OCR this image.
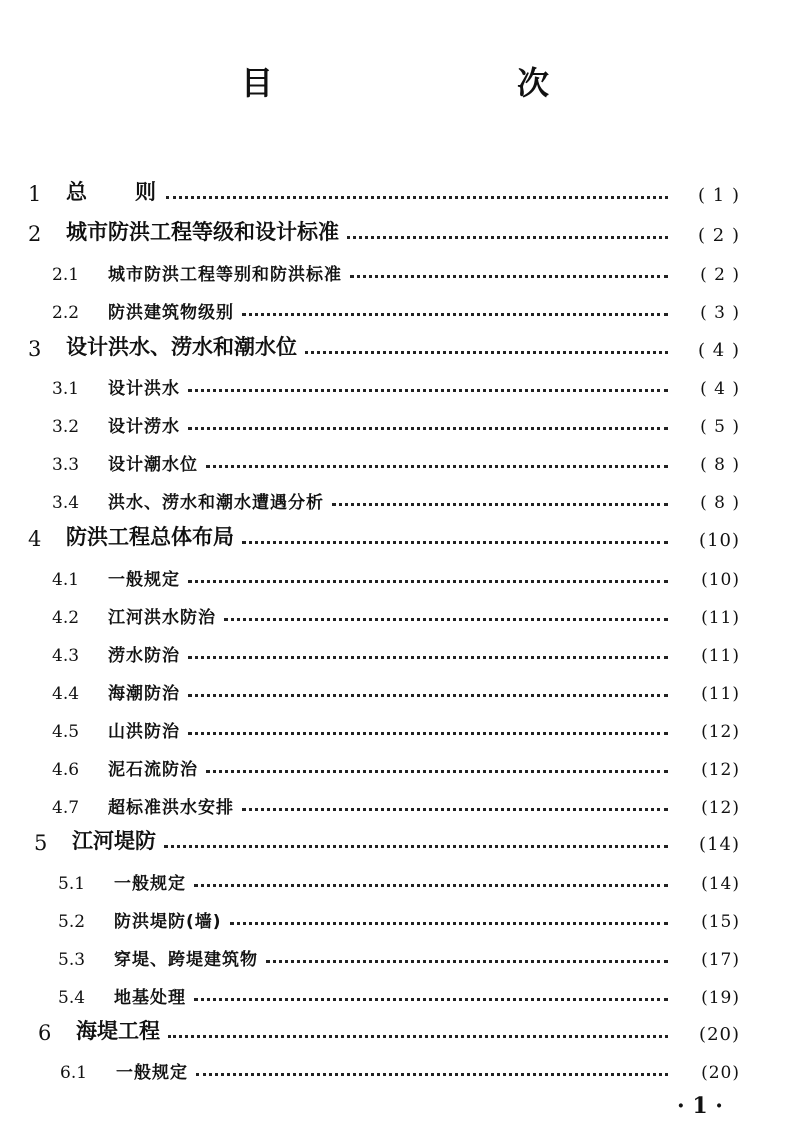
目　　次
1	总　　则	( 1 )
2	城市防洪工程等级和设计标准	( 2 )
2.1	城市防洪工程等别和防洪标准	( 2 )
2.2	防洪建筑物级别	( 3 )
3	设计洪水、涝水和潮水位	( 4 )
3.1	设计洪水	( 4 )
3.2	设计涝水	( 5 )
3.3	设计潮水位	( 8 )
3.4	洪水、涝水和潮水遭遇分析	( 8 )
4	防洪工程总体布局	(10)
4.1	一般规定	(10)
4.2	江河洪水防治	(11)
4.3	涝水防治	(11)
4.4	海潮防治	(11)
4.5	山洪防治	(12)
4.6	泥石流防治	(12)
4.7	超标准洪水安排	(12)
5	江河堤防	(14)
5.1	一般规定	(14)
5.2	防洪堤防(墙)	(15)
5.3	穿堤、跨堤建筑物	(17)
5.4	地基处理	(19)
6	海堤工程	(20)
6.1	一般规定	(20)
· 1 ·
